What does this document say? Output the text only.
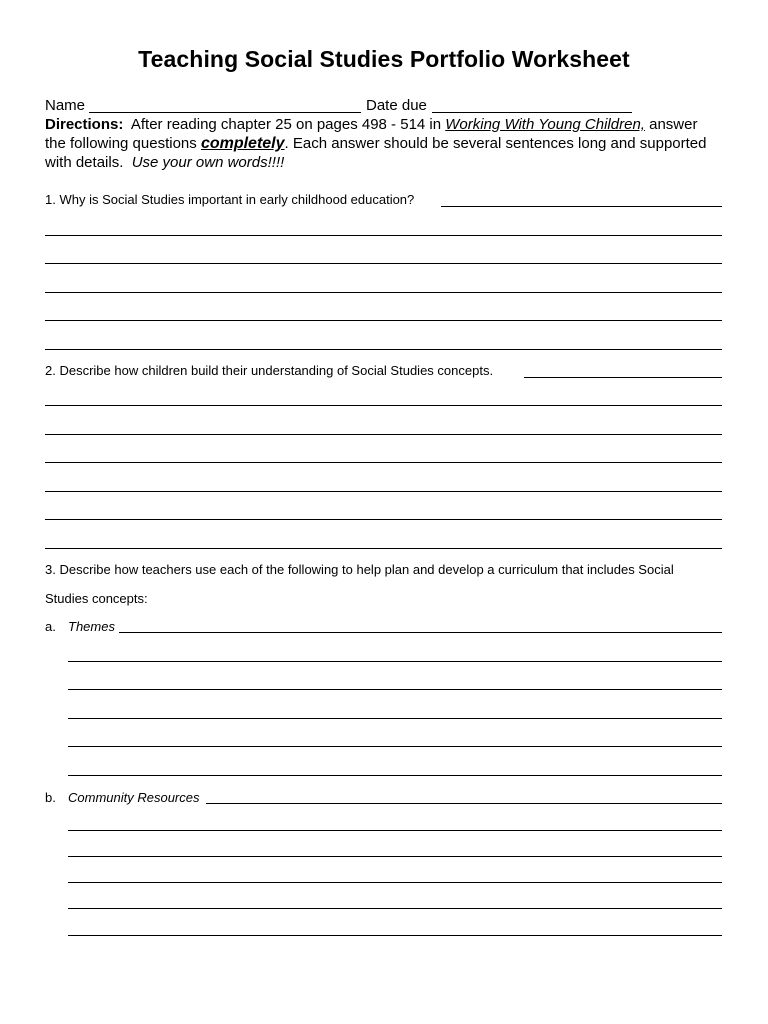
Teaching Social Studies Portfolio Worksheet
Name	Date due
Directions: After reading chapter 25 on pages 498 - 514 in Working With Young Children, answer
the following questions completely. Each answer should be several sentences long and supported
with details. Use your own words!!!!
1. Why is Social Studies important in early childhood education?
2. Describe how children build their understanding of Social Studies concepts.
3. Describe how teachers use each of the following to help plan and develop a curriculum that includes Social
Studies concepts:
a. Themes
b. Community Resources
